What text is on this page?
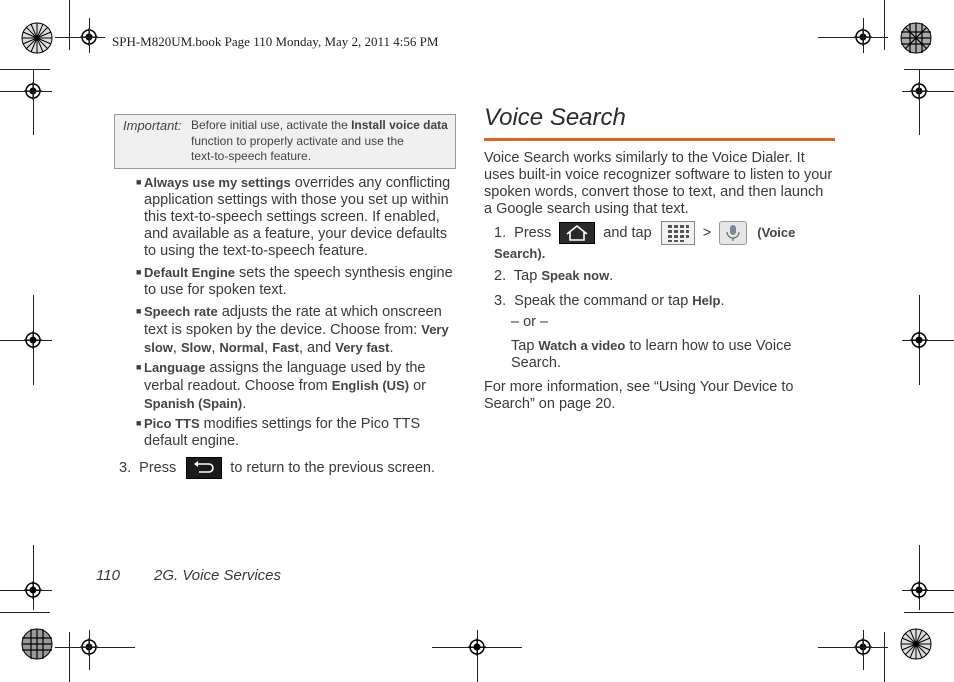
SPH-M820UM.book Page 110 Monday, May 2, 2011 4:56 PM
Important: Before initial use, activate the Install voice data
function to properly activate and use the
text-to-speech feature.
■ Always use my settings overrides any conflicting application settings with those you set up within this text-to-speech settings screen. If enabled, and available as a feature, your device defaults to using the text-to-speech feature.
■ Default Engine sets the speech synthesis engine to use for spoken text.
■ Speech rate adjusts the rate at which onscreen text is spoken by the device. Choose from: Very slow, Slow, Normal, Fast, and Very fast.
■ Language assigns the language used by the verbal readout. Choose from English (US) or Spanish (Spain).
■ Pico TTS modifies settings for the Pico TTS default engine.
3. Press	to return to the previous screen.
Voice Search
Voice Search works similarly to the Voice Dialer. It uses built-in voice recognizer software to listen to your spoken words, convert those to text, and then launch a Google search using that text.
1. Press	and tap	>	(Voice Search).
2. Tap Speak now.
3. Speak the command or tap Help.
– or –
Tap Watch a video to learn how to use Voice Search.
For more information, see “Using Your Device to Search” on page 20.
110 2G. Voice Services
